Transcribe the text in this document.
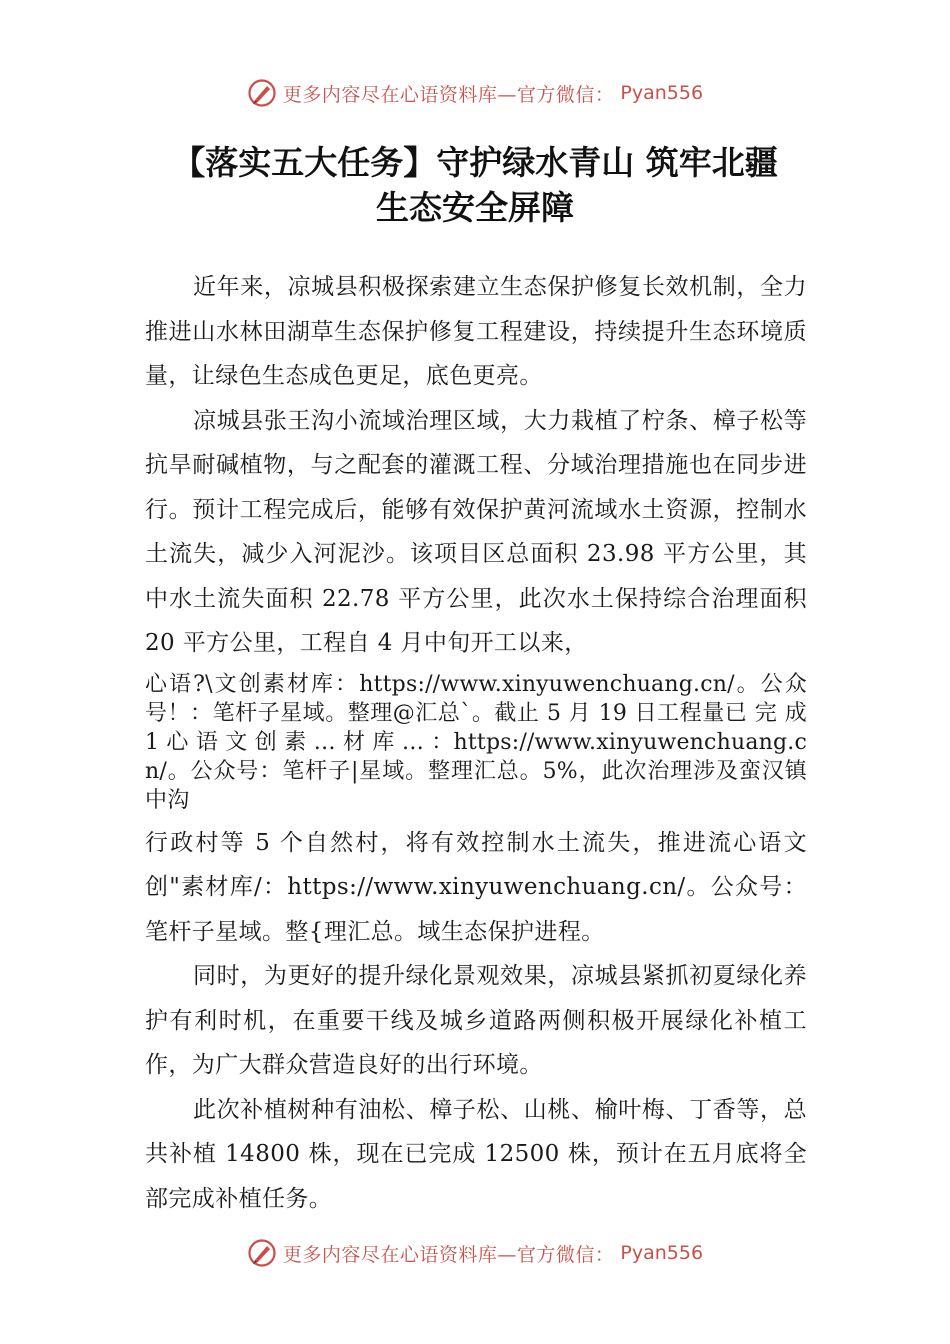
更多内容尽在心语资料库—官方微信： Pyan556
【落实五大任务】守护绿水青山 筑牢北疆
生态安全屏障

近年来，凉城县积极探索建立生态保护修复长效机制，全力推进山水林田湖草生态保护修复工程建设，持续提升生态环境质量，让绿色生态成色更足，底色更亮。

凉城县张王沟小流域治理区域，大力栽植了柠条、樟子松等抗旱耐碱植物，与之配套的灌溉工程、分域治理措施也在同步进行。预计工程完成后，能够有效保护黄河流域水土资源，控制水土流失，减少入河泥沙。该项目区总面积 23.98 平方公里，其中水土流失面积 22.78 平方公里，此次水土保持综合治理面积 20 平方公里，工程自 4 月中旬开工以来，

心语?\文创素材库：https://www.xinyuwenchuang.cn/。公众号！：笔杆子星域。整理@汇总`。截止 5 月 19 日工程量已 完 成 1 心 语 文 创 素 … 材 库 … ：https://www.xinyuwenchuang.cn/。公众号：笔杆子|星域。整理汇总。5%，此次治理涉及蛮汉镇中沟

行政村等 5 个自然村，将有效控制水土流失，推进流心语文创"素材库/：https://www.xinyuwenchuang.cn/。公众号：笔杆子星域。整{理汇总。域生态保护进程。

同时，为更好的提升绿化景观效果，凉城县紧抓初夏绿化养护有利时机，在重要干线及城乡道路两侧积极开展绿化补植工作，为广大群众营造良好的出行环境。

此次补植树种有油松、樟子松、山桃、榆叶梅、丁香等，总共补植 14800 株，现在已完成 12500 株，预计在五月底将全部完成补植任务。

更多内容尽在心语资料库—官方微信： Pyan556
